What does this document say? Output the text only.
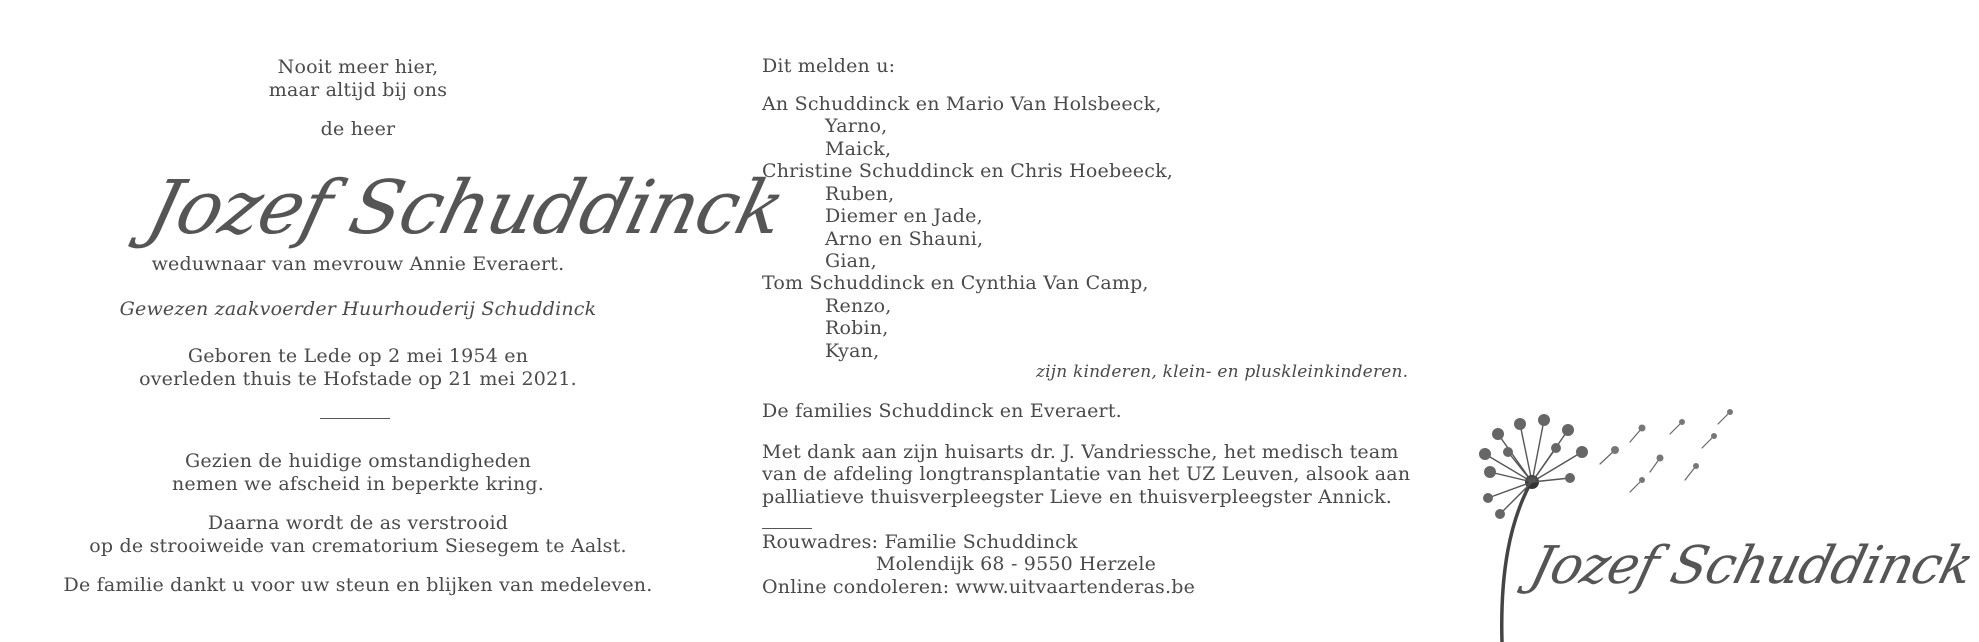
Nooit meer hier,
maar altijd bij ons
de heer
Jozef Schuddinck
weduwnaar van mevrouw Annie Everaert.
Gewezen zaakvoerder Huurhouderij Schuddinck
Geboren te Lede op 2 mei 1954 en
overleden thuis te Hofstade op 21 mei 2021.
Gezien de huidige omstandigheden
nemen we afscheid in beperkte kring.
Daarna wordt de as verstrooid
op de strooiweide van crematorium Siesegem te Aalst.
De familie dankt u voor uw steun en blijken van medeleven.
Dit melden u:
An Schuddinck en Mario Van Holsbeeck,
Yarno,
Maick,
Christine Schuddinck en Chris Hoebeeck,
Ruben,
Diemer en Jade,
Arno en Shauni,
Gian,
Tom Schuddinck en Cynthia Van Camp,
Renzo,
Robin,
Kyan,
zijn kinderen, klein- en pluskleinkinderen.
De families Schuddinck en Everaert.
Met dank aan zijn huisarts dr. J. Vandriessche, het medisch team
van de afdeling longtransplantatie van het UZ Leuven, alsook aan
palliatieve thuisverpleegster Lieve en thuisverpleegster Annick.
Rouwadres: Familie Schuddinck
Molendijk 68 - 9550 Herzele
Online condoleren: www.uitvaartenderas.be	Jozef Schuddinck
